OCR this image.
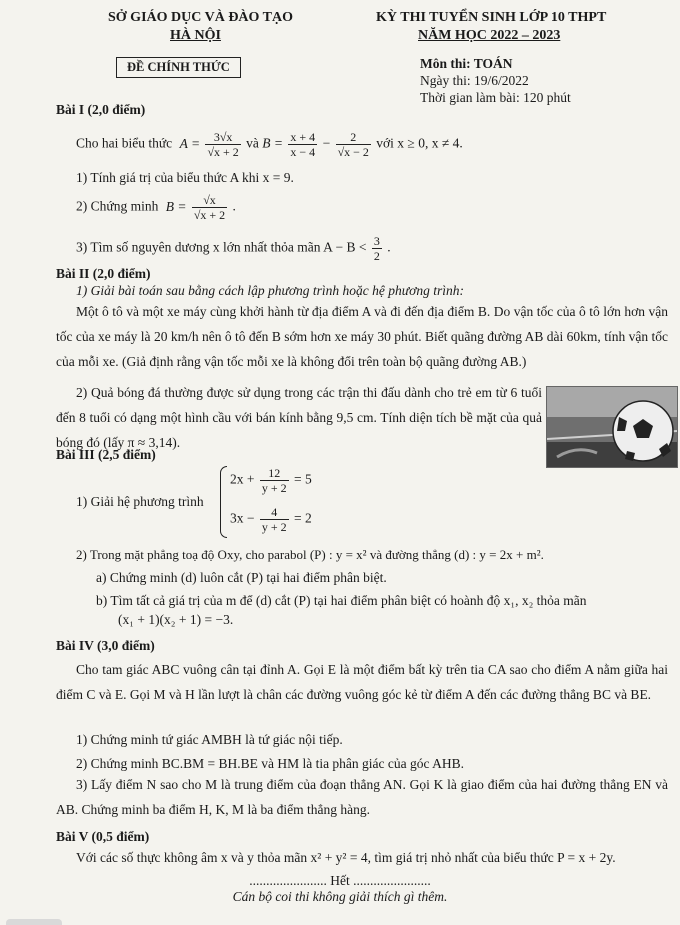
SỞ GIÁO DỤC VÀ ĐÀO TẠO
HÀ NỘI
KỲ THI TUYỂN SINH LỚP 10 THPT
NĂM HỌC 2022 – 2023
ĐỀ CHÍNH THỨC	Môn thi: TOÁN
Ngày thi: 19/6/2022
Thời gian làm bài: 120 phút
Bài I (2,0 điểm)
Cho hai biểu thức $A = \frac{3√x}{√x + 2}$ và $B = \frac{x + 4}{x - 4} - \frac{2}{√x - 2}$ với x ≥ 0, x ≠ 4.
1) Tính giá trị của biểu thức A khi x = 9.
2) Chứng minh $B = \frac{√x}{√x + 2}$ .
3) Tìm số nguyên dương x lớn nhất thỏa mãn $A - B < \frac{3}{2}$ .
Bài II (2,0 điểm)
1) Giải bài toán sau bằng cách lập phương trình hoặc hệ phương trình:
Một ô tô và một xe máy cùng khởi hành từ địa điểm A và đi đến địa điểm B. Do vận tốc của ô tô lớn hơn vận tốc của xe máy là 20 km/h nên ô tô đến B sớm hơn xe máy 30 phút. Biết quãng đường AB dài 60km, tính vận tốc của mỗi xe. (Giả định rằng vận tốc mỗi xe là không đổi trên toàn bộ quãng đường AB.)
2) Quả bóng đá thường được sử dụng trong các trận thi đấu dành cho trẻ em từ 6 tuổi đến 8 tuổi có dạng một hình cầu với bán kính bằng 9,5 cm. Tính diện tích bề mặt của quả bóng đó (lấy π ≈ 3,14).
Bài III (2,5 điểm)
1) Giải hệ phương trình
$2x + \frac{12}{y + 2} = 5$
$3x - \frac{4}{y + 2} = 2$
2) Trong mặt phẳng toạ độ Oxy, cho parabol (P) : y = x² và đường thẳng (d) : y = 2x + m².
a) Chứng minh (d) luôn cắt (P) tại hai điểm phân biệt.
b) Tìm tất cả giá trị của m để (d) cắt (P) tại hai điểm phân biệt có hoành độ x₁, x₂ thỏa mãn
(x₁ + 1)(x₂ + 1) = −3.
Bài IV (3,0 điểm)
Cho tam giác ABC vuông cân tại đỉnh A. Gọi E là một điểm bất kỳ trên tia CA sao cho điểm A nằm giữa hai điểm C và E. Gọi M và H lần lượt là chân các đường vuông góc kẻ từ điểm A đến các đường thẳng BC và BE.
1) Chứng minh tứ giác AMBH là tứ giác nội tiếp.
2) Chứng minh BC.BM = BH.BE và HM là tia phân giác của góc AHB.
3) Lấy điểm N sao cho M là trung điểm của đoạn thẳng AN. Gọi K là giao điểm của hai đường thẳng EN và AB. Chứng minh ba điểm H, K, M là ba điểm thẳng hàng.
Bài V (0,5 điểm)
Với các số thực không âm x và y thỏa mãn x² + y² = 4, tìm giá trị nhỏ nhất của biểu thức P = x + 2y.
....................... Hết .......................
Cán bộ coi thi không giải thích gì thêm.
